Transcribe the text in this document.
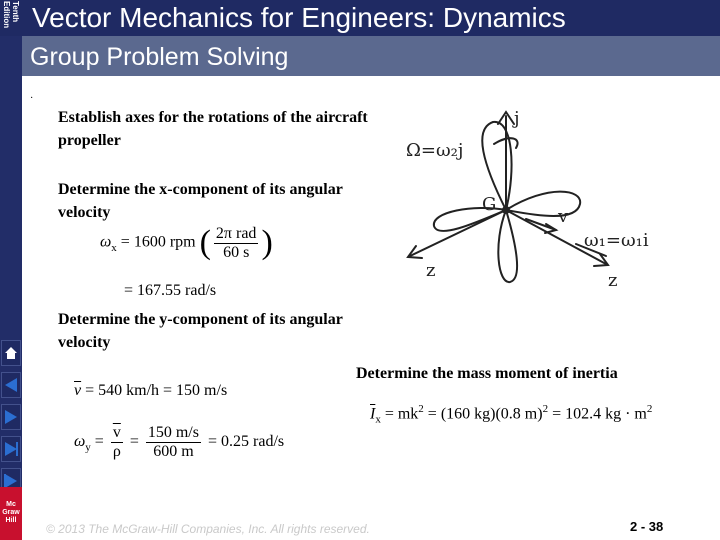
Tenth
Edition Vector Mechanics for Engineers: Dynamics
Group Problem Solving
Mc
Graw
Hill
·
Establish axes for the rotations of the aircraft propeller
Determine the x-component of its angular velocity
Determine the y-component of its angular velocity
Determine the mass moment of inertia
$\omega_x = 1600$ rpm ( $\frac{\text{2π rad}}{60 s}$ )
= 167.55 rad/s
$\overline{v} = 540$ km/h = 150 m/s
$\omega_y = \frac{\overline{v}}{\rho} = \frac{150 m/s}{600 m} = 0.25$ rad/s
$\overline{I}_x = mk^2 = (160$ kg)(0.8 m)$^2$ = 102.4 kg · $m^2$
j
Ω=ω₂j
G
v
ω₁=ω₁i
z	z
© 2013 The McGraw-Hill Companies, Inc. All rights reserved.	2 - 38
